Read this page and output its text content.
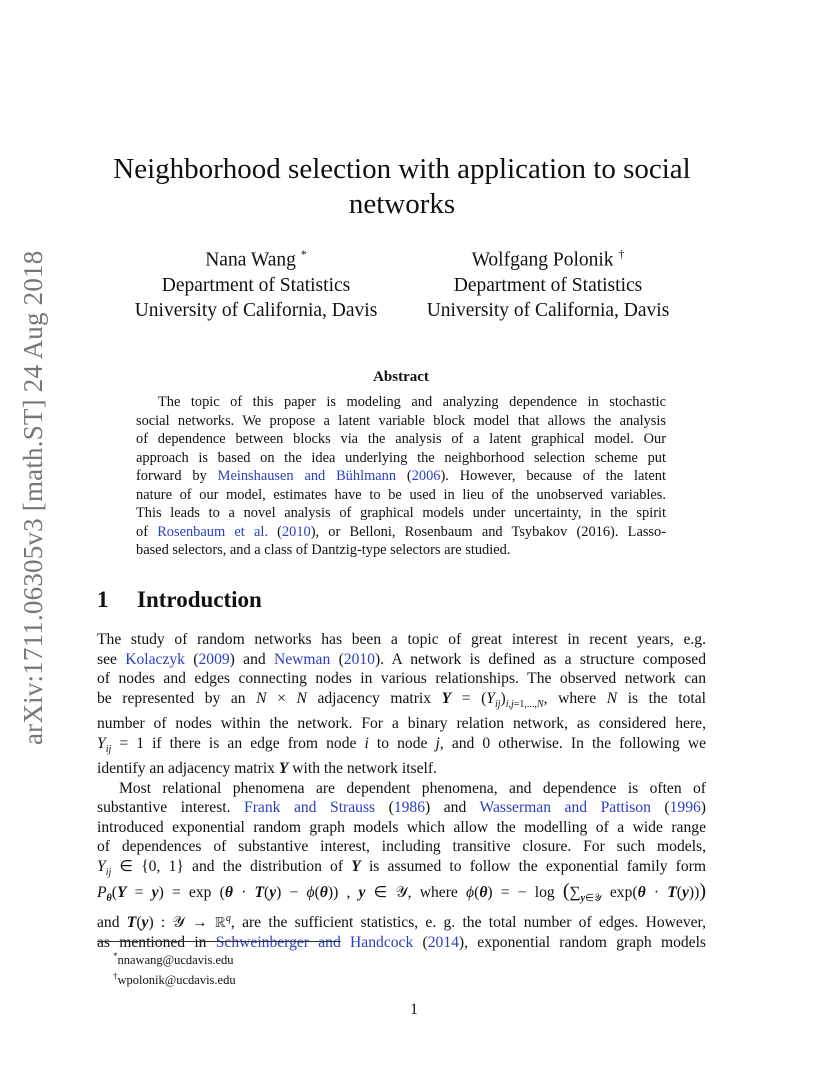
arXiv:1711.06305v3 [math.ST] 24 Aug 2018
Neighborhood selection with application to social networks
Nana Wang *
Department of Statistics
University of California, Davis
Wolfgang Polonik †
Department of Statistics
University of California, Davis
Abstract
The topic of this paper is modeling and analyzing dependence in stochastic
social networks. We propose a latent variable block model that allows the analysis
of dependence between blocks via the analysis of a latent graphical model. Our
approach is based on the idea underlying the neighborhood selection scheme put
forward by Meinshausen and Bühlmann (2006). However, because of the latent
nature of our model, estimates have to be used in lieu of the unobserved variables.
This leads to a novel analysis of graphical models under uncertainty, in the spirit
of Rosenbaum et al. (2010), or Belloni, Rosenbaum and Tsybakov (2016). Lasso-
based selectors, and a class of Dantzig-type selectors are studied.
1 Introduction
The study of random networks has been a topic of great interest in recent years, e.g.
see Kolaczyk (2009) and Newman (2010). A network is defined as a structure composed
of nodes and edges connecting nodes in various relationships. The observed network can
be represented by an N × N adjacency matrix $Y = (Y_{ij})_{i,j=1,...,N}$, where N is the total
number of nodes within the network. For a binary relation network, as considered here,
$Y_{ij} = 1$ if there is an edge from node i to node j, and 0 otherwise. In the following we
identify an adjacency matrix Y with the network itself.
Most relational phenomena are dependent phenomena, and dependence is often of
substantive interest. Frank and Strauss (1986) and Wasserman and Pattison (1996)
introduced exponential random graph models which allow the modelling of a wide range
of dependences of substantive interest, including transitive closure. For such models,
$Y_{ij}$ ∈ {0, 1} and the distribution of Y is assumed to follow the exponential family form
$P_\theta(Y = y) = \exp (\theta \cdot T(y) - \phi(\theta))$ , y ∈ 𝒴, where ϕ(θ) = − $\log (\sum_{y\in 𝒴}$ exp(θ · T(y)))
and T(y) : 𝒴 → ℝ$^q$, are the sufficient statistics, e. g. the total number of edges. However,
as mentioned in Schweinberger and Handcock (2014), exponential random graph models
*nnawang@ucdavis.edu
†wpolonik@ucdavis.edu
1
